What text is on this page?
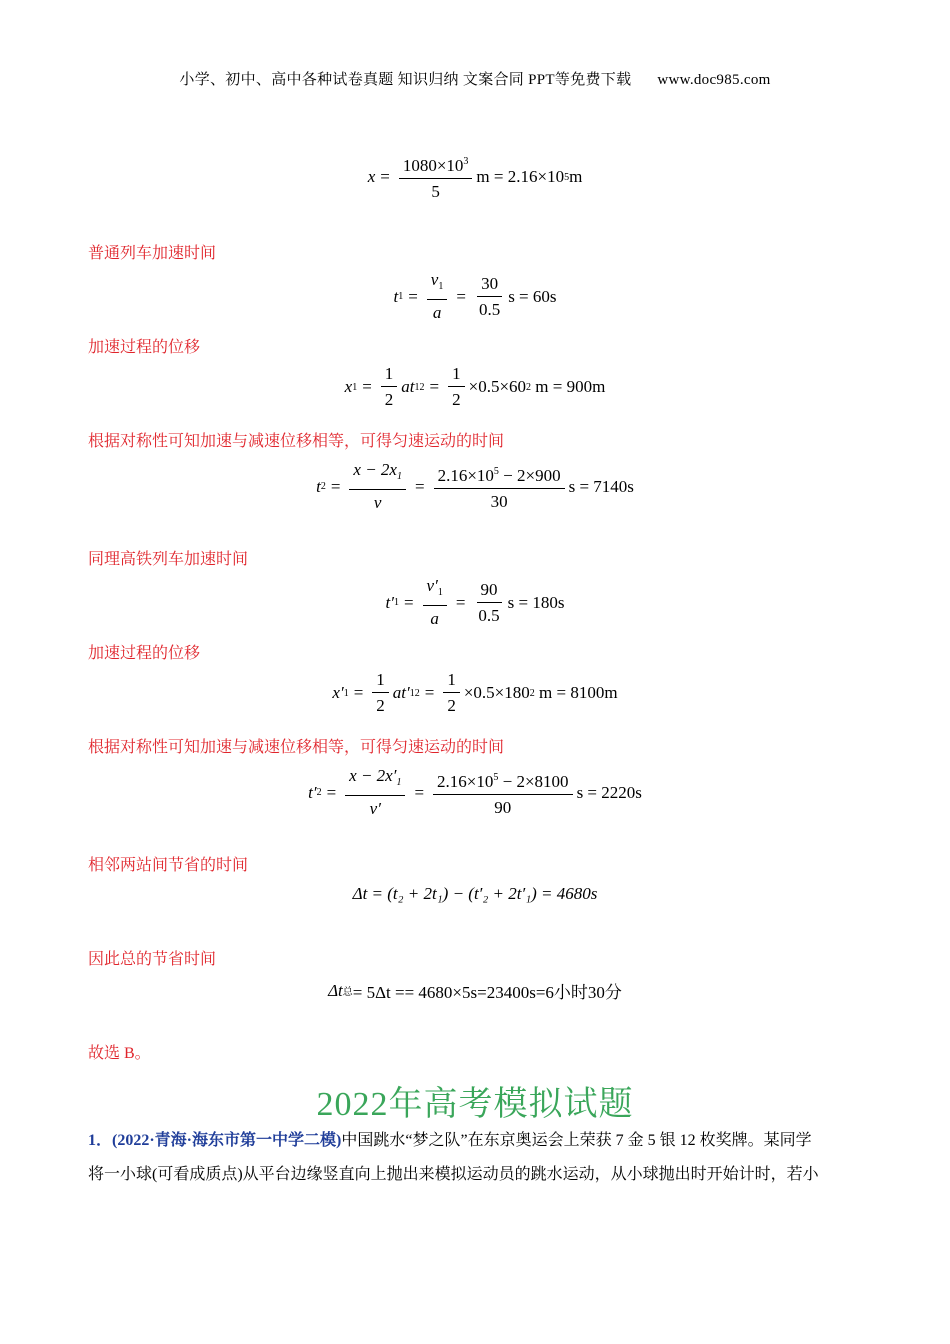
小学、初中、高中各种试卷真题 知识归纳 文案合同 PPT等免费下载 www.doc985.com
$x = \frac{1080\times 10^3}{5}$ m = 2.16×10 5 m
普通列车加速时间
t $1 = \frac{v_1}{a} = \frac{30}{0.5}$ s = 60s
加速过程的位移
x $1 = \frac{1}{2}$ at 1 $2 = \frac{1}{2} \times 0.5\times 60$ 2
m = 900m
根据对称性可知加速与减速位移相等，可得匀速运动的时间
t $2 = \frac{x - 2x_1}{v} = \frac{2.16\times 10^5 - 2\times 900}{30}$ s = 7140s
同理高铁列车加速时间
t′ $1 = \frac{v'_1}{a} = \frac{90}{0.5}$ s = 180s
加速过程的位移
x′ $1 = \frac{1}{2} at'$ 1 $2 = \frac{1}{2} \times 0.5\times 180$ 2
m = 8100m
根据对称性可知加速与减速位移相等，可得匀速运动的时间
t′ $2 = \frac{x - 2x'_1}{v'} = \frac{2.16\times 10^5 - 2\times 8100}{90}$ s = 2220s
相邻两站间节省的时间
Δt = (t₂ + 2t₁) − (t′₂ + 2t′₁) = 4680s
因此总的节省时间
Δt 总 = 5Δt == 4680×5s=23400s=6小时30分
故选 B。
2022年高考模拟试题
1．(2022·青海·海东市第一中学二模)中国跳水“梦之队”在东京奥运会上荣获 7 金 5 银 12 枚奖牌。某同学
将一小球(可看成质点)从平台边缘竖直向上抛出来模拟运动员的跳水运动，从小球抛出时开始计时，若小
